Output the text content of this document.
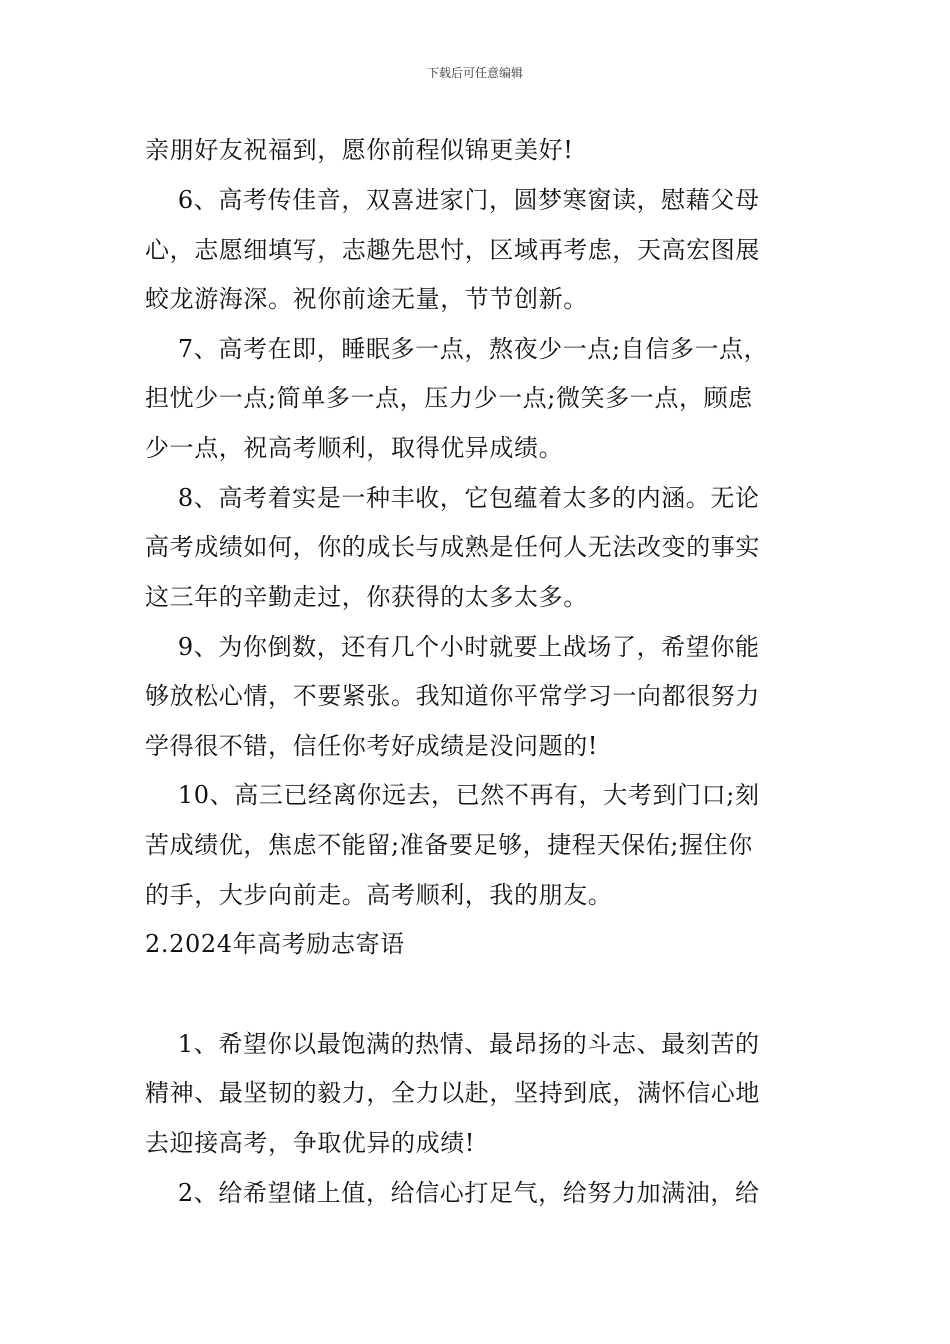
下载后可任意编辑
亲朋好友祝福到，愿你前程似锦更美好!
6、高考传佳音，双喜进家门，圆梦寒窗读，慰藉父母
心，志愿细填写，志趣先思忖，区域再考虑，天高宏图展
蛟龙游海深。祝你前途无量，节节创新。
7、高考在即，睡眠多一点，熬夜少一点;自信多一点，
担忧少一点;简单多一点，压力少一点;微笑多一点，顾虑
少一点，祝高考顺利，取得优异成绩。
8、高考着实是一种丰收，它包蕴着太多的内涵。无论
高考成绩如何，你的成长与成熟是任何人无法改变的事实
这三年的辛勤走过，你获得的太多太多。
9、为你倒数，还有几个小时就要上战场了，希望你能
够放松心情，不要紧张。我知道你平常学习一向都很努力
学得很不错，信任你考好成绩是没问题的!
10、高三已经离你远去，已然不再有，大考到门口;刻
苦成绩优，焦虑不能留;准备要足够，捷程天保佑;握住你
的手，大步向前走。高考顺利，我的朋友。
2.2024年高考励志寄语
1、希望你以最饱满的热情、最昂扬的斗志、最刻苦的
精神、最坚韧的毅力，全力以赴，坚持到底，满怀信心地
去迎接高考，争取优异的成绩!
2、给希望储上值，给信心打足气，给努力加满油，给
